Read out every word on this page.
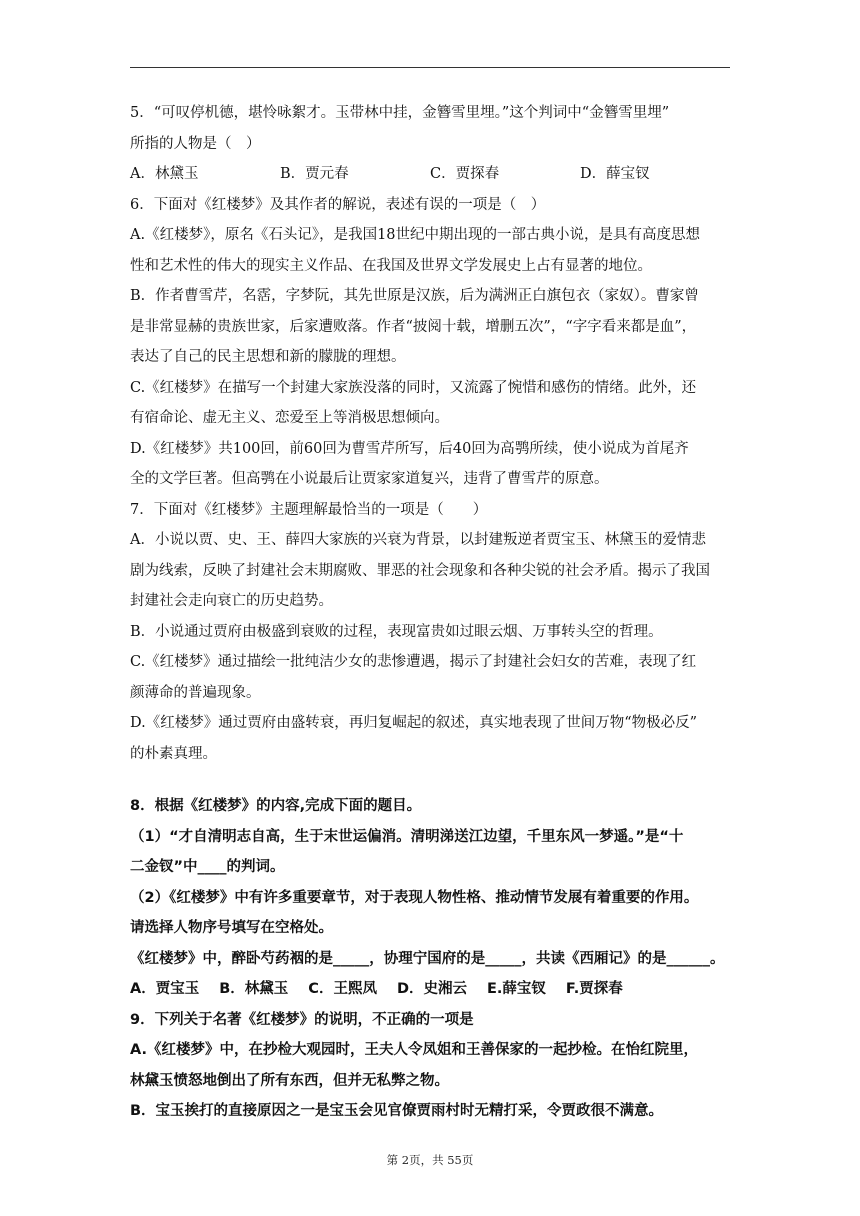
5．“可叹停机德，堪怜咏絮才。玉带林中挂，金簪雪里埋。”这个判词中“金簪雪里埋”

所指的人物是（　）

A．林黛玉	B．贾元春	C．贾探春	D．薛宝钗

6．下面对《红楼梦》及其作者的解说，表述有误的一项是（　）

A.《红楼梦》，原名《石头记》，是我国18世纪中期出现的一部古典小说，是具有高度思想

性和艺术性的伟大的现实主义作品、在我国及世界文学发展史上占有显著的地位。

B．作者曹雪芹，名霑，字梦阮，其先世原是汉族，后为满洲正白旗包衣（家奴）。曹家曾

是非常显赫的贵族世家，后家遭败落。作者“披阅十载，增删五次”，“字字看来都是血”，

表达了自己的民主思想和新的朦胧的理想。

C.《红楼梦》在描写一个封建大家族没落的同时，又流露了惋惜和感伤的情绪。此外，还

有宿命论、虚无主义、恋爱至上等消极思想倾向。

D.《红楼梦》共100回，前60回为曹雪芹所写，后40回为高鹗所续，使小说成为首尾齐

全的文学巨著。但高鹗在小说最后让贾家家道复兴，违背了曹雪芹的原意。

7．下面对《红楼梦》主题理解最恰当的一项是（　　）

A．小说以贾、史、王、薛四大家族的兴衰为背景，以封建叛逆者贾宝玉、林黛玉的爱情悲

剧为线索，反映了封建社会末期腐败、罪恶的社会现象和各种尖锐的社会矛盾。揭示了我国

封建社会走向衰亡的历史趋势。

B．小说通过贾府由极盛到衰败的过程，表现富贵如过眼云烟、万事转头空的哲理。

C.《红楼梦》通过描绘一批纯洁少女的悲惨遭遇，揭示了封建社会妇女的苦难，表现了红

颜薄命的普遍现象。

D.《红楼梦》通过贾府由盛转衰，再归复崛起的叙述，真实地表现了世间万物“物极必反”

的朴素真理。

8．根据《红楼梦》的内容,完成下面的题目。

（1）“才自清明志自高，生于末世运偏消。清明涕送江边望，千里东风一梦遥。”是“十

二金钗”中____的判词。

（2）《红楼梦》中有许多重要章节，对于表现人物性格、推动情节发展有着重要的作用。

请选择人物序号填写在空格处。

《红楼梦》中，醉卧芍药裀的是_____，协理宁国府的是_____，共读《西厢记》的是______。

A．贾宝玉 B．林黛玉 C．王熙凤 D．史湘云 E.薛宝钗 F.贾探春

9．下列关于名著《红楼梦》的说明，不正确的一项是

A.《红楼梦》中，在抄检大观园时，王夫人令凤姐和王善保家的一起抄检。在怡红院里，

林黛玉愤怒地倒出了所有东西，但并无私弊之物。

B．宝玉挨打的直接原因之一是宝玉会见官僚贾雨村时无精打采，令贾政很不满意。

第 2页，共 55页
